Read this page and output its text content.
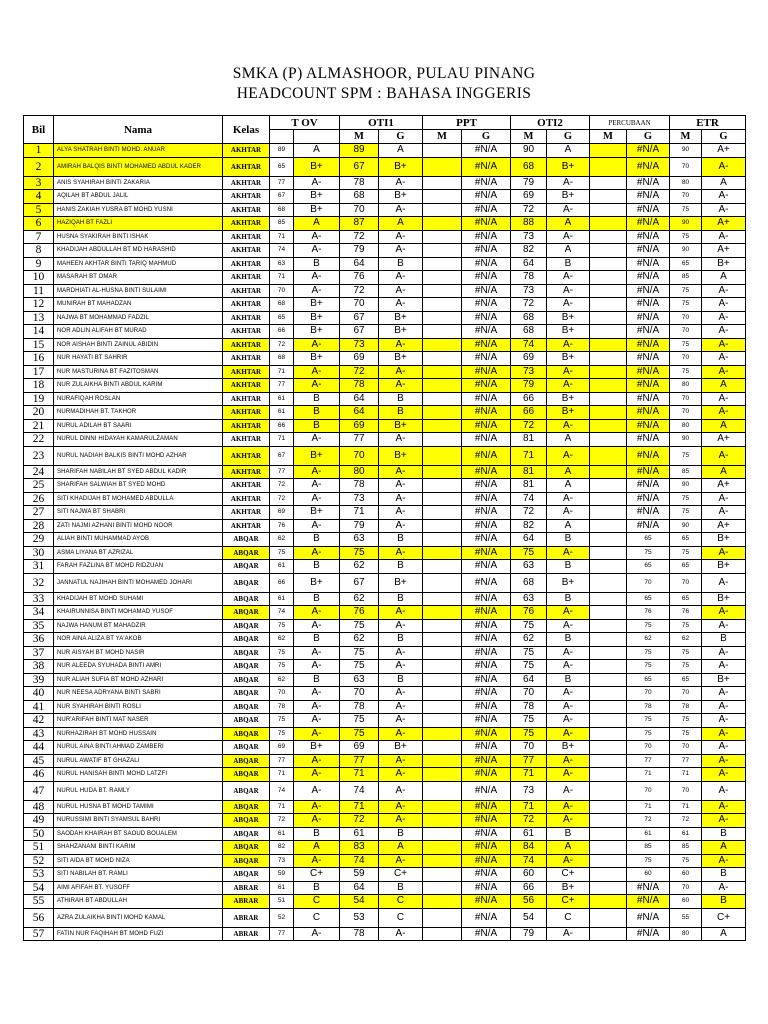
SMKA (P) ALMASHOOR, PULAU PINANG
HEADCOUNT SPM : BAHASA INGGERIS
Bil	Nama	Kelas	T OV		OTI1		PPT		OTI2		PERCUBAAN		ETR	
					M	G	M	G	M	G	M	G	M	G
1	ALYA SHATRAH BINTI MOHD. ANUAR	AKHTAR	89	A	89	A		#N/A	90	A		#N/A	90	A+
2	AMIRAH BALQIS BINTI MOHAMED ABDUL KADER	AKHTAR	65	B+	67	B+		#N/A	68	B+		#N/A	70	A-
3	ANIS SYAHIRAH BINTI ZAKARIA	AKHTAR	77	A-	78	A-		#N/A	79	A-		#N/A	80	A
4	AQILAH BT ABDUL JALIL	AKHTAR	67	B+	68	B+		#N/A	69	B+		#N/A	70	A-
5	HANIS ZAKIAH YUSRA BT MOHD YUSNI	AKHTAR	68	B+	70	A-		#N/A	72	A-		#N/A	75	A-
6	HAZIQAH BT FAZLI	AKHTAR	85	A	87	A		#N/A	88	A		#N/A	90	A+
7	HUSNA SYAKIRAH BINTI ISHAK	AKHTAR	71	A-	72	A-		#N/A	73	A-		#N/A	75	A-
8	KHADIJAH ABDULLAH BT MD HARASHID	AKHTAR	74	A-	79	A-		#N/A	82	A		#N/A	90	A+
9	MAHEEN AKHTAR BINTI TARIQ MAHMUD	AKHTAR	63	B	64	B		#N/A	64	B		#N/A	65	B+
10	MASARAH BT OMAR	AKHTAR	71	A-	76	A-		#N/A	78	A-		#N/A	85	A
11	MARDHIATI AL-HUSNA BINTI SULAIMI	AKHTAR	70	A-	72	A-		#N/A	73	A-		#N/A	75	A-
12	MUNIRAH BT MAHADZAN	AKHTAR	68	B+	70	A-		#N/A	72	A-		#N/A	75	A-
13	NAJWA BT MOHAMMAD FADZIL	AKHTAR	65	B+	67	B+		#N/A	68	B+		#N/A	70	A-
14	NOR ADLIN ALIFAH BT MURAD	AKHTAR	66	B+	67	B+		#N/A	68	B+		#N/A	70	A-
15	NOR AISHAH BINTI ZAINUL ABIDIN	AKHTAR	72	A-	73	A-		#N/A	74	A-		#N/A	75	A-
16	NUR HAYATI BT SAHRIR	AKHTAR	68	B+	69	B+		#N/A	69	B+		#N/A	70	A-
17	NUR MASTURINA BT FAZITOSMAN	AKHTAR	71	A-	72	A-		#N/A	73	A-		#N/A	75	A-
18	NUR ZULAIKHA BINTI ABDUL KARIM	AKHTAR	77	A-	78	A-		#N/A	79	A-		#N/A	80	A
19	NURAFIQAH ROSLAN	AKHTAR	61	B	64	B		#N/A	66	B+		#N/A	70	A-
20	NURMADIHAH BT. TAKHOR	AKHTAR	61	B	64	B		#N/A	66	B+		#N/A	70	A-
21	NURUL ADILAH BT SAARI	AKHTAR	66	B	69	B+		#N/A	72	A-		#N/A	80	A
22	NURUL DINNI HIDAYAH KAMARULZAMAN	AKHTAR	71	A-	77	A-		#N/A	81	A		#N/A	90	A+
23	NURUL NADIAH BALKIS BINTI MOHD AZHAR	AKHTAR	67	B+	70	B+		#N/A	71	A-		#N/A	75	A-
24	SHARIFAH NABILAH BT SYED ABDUL KADIR	AKHTAR	77	A-	80	A-		#N/A	81	A		#N/A	85	A
25	SHARIFAH SALWIAH BT SYED MOHD	AKHTAR	72	A-	78	A-		#N/A	81	A		#N/A	90	A+
26	SITI KHADIJAH BT MOHAMED ABDULLA	AKHTAR	72	A-	73	A-		#N/A	74	A-		#N/A	75	A-
27	SITI NAJWA BT SHABRI	AKHTAR	69	B+	71	A-		#N/A	72	A-		#N/A	75	A-
28	ZATI NAJMI AZHANI BINTI MOHD NOOR	AKHTAR	76	A-	79	A-		#N/A	82	A		#N/A	90	A+
29	ALIAH BINTI MUHAMMAD AYOB	ABQAR	62	B	63	B		#N/A	64	B		65	65	B+
30	ASMA LIYANA BT AZRIZAL	ABQAR	75	A-	75	A-		#N/A	75	A-		75	75	A-
31	FARAH FAZLINA BT MOHD RIDZUAN	ABQAR	61	B	62	B		#N/A	63	B		65	65	B+
32	JANNATUL NAJIHAH BINTI MOHAMED JOHARI	ABQAR	66	B+	67	B+		#N/A	68	B+		70	70	A-
33	KHADIJAH BT MOHD SUHAMI	ABQAR	61	B	62	B		#N/A	63	B		65	65	B+
34	KHAIRUNNISA BINTI MOHAMAD YUSOF	ABQAR	74	A-	76	A-		#N/A	76	A-		76	76	A-
35	NAJWA HANUM BT MAHADZIR	ABQAR	75	A-	75	A-		#N/A	75	A-		75	75	A-
36	NOR AINA ALIZA BT YA'AKOB	ABQAR	62	B	62	B		#N/A	62	B		62	62	B
37	NUR AISYAH BT MOHD NASIR	ABQAR	75	A-	75	A-		#N/A	75	A-		75	75	A-
38	NUR ALEEDA SYUHADA BINTI AMRI	ABQAR	75	A-	75	A-		#N/A	75	A-		75	75	A-
39	NUR ALIAH SUFIA BT MOHD AZHARI	ABQAR	62	B	63	B		#N/A	64	B		65	65	B+
40	NUR NEESA ADRYANA BINTI SABRI	ABQAR	70	A-	70	A-		#N/A	70	A-		70	70	A-
41	NUR SYAHIRAH BINTI ROSLI	ABQAR	78	A-	78	A-		#N/A	78	A-		78	78	A-
42	NUR'ARIFAH BINTI MAT NASER	ABQAR	75	A-	75	A-		#N/A	75	A-		75	75	A-
43	NURHAZIRAH BT MOHD HUSSAIN	ABQAR	75	A-	75	A-		#N/A	75	A-		75	75	A-
44	NURUL AINA BINTI AHMAD ZAMBERI	ABQAR	69	B+	69	B+		#N/A	70	B+		70	70	A-
45	NURUL AWATIF BT GHAZALI	ABQAR	77	A-	77	A-		#N/A	77	A-		77	77	A-
46	NURUL HANISAH BINTI MOHD LATZFI	ABQAR	71	A-	71	A-		#N/A	71	A-		71	71	A-
47	NURUL HUDA BT. RAMLY	ABQAR	74	A-	74	A-		#N/A	73	A-		70	70	A-
48	NURUL HUSNA BT MOHD TAMIMI	ABQAR	71	A-	71	A-		#N/A	71	A-		71	71	A-
49	NURUSSIMI BINTI SYAMSUL BAHRI	ABQAR	72	A-	72	A-		#N/A	72	A-		72	72	A-
50	SAODAH KHAIRAH BT SAOUD BOUALEM	ABQAR	61	B	61	B		#N/A	61	B		61	61	B
51	SHAHZANANI BINTI KARIM	ABQAR	82	A	83	A		#N/A	84	A		85	85	A
52	SITI AIDA BT MOHD NIZA	ABQAR	73	A-	74	A-		#N/A	74	A-		75	75	A-
53	SITI NABILAH BT. RAMLI	ABQAR	59	C+	59	C+		#N/A	60	C+		60	60	B
54	AIMI AFIFAH BT. YUSOFF	ABRAR	61	B	64	B		#N/A	66	B+		#N/A	70	A-
55	ATHIRAH BT ABDULLAH	ABRAR	51	C	54	C		#N/A	56	C+		#N/A	60	B
56	AZRA ZULAIKHA BINTI MOHD KAMAL	ABRAR	52	C	53	C		#N/A	54	C		#N/A	55	C+
57	FATIN NUR FAQIHAH BT MOHD FUZI	ABRAR	77	A-	78	A-		#N/A	79	A-		#N/A	80	A
